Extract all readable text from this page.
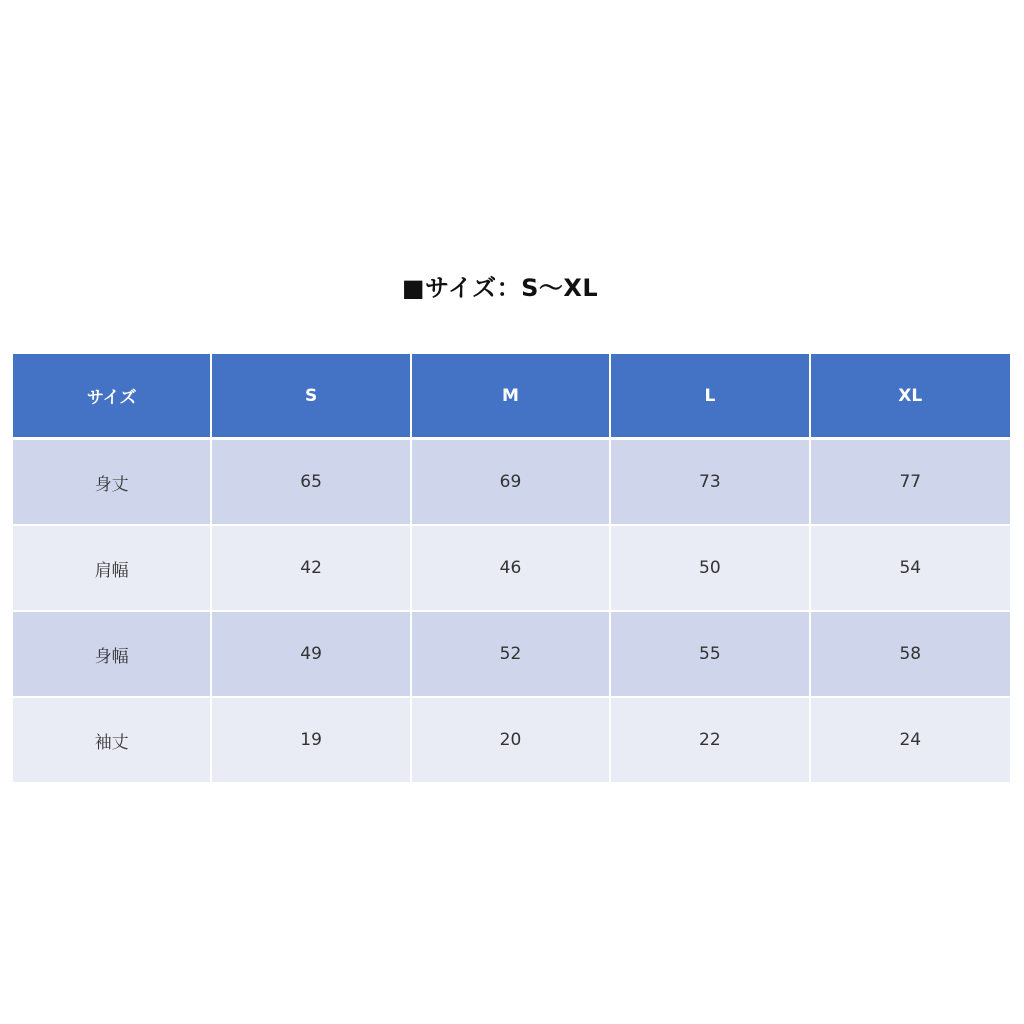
■サイズ：S〜XL
サイズ	S	M	L	XL
身丈	65	69	73	77
肩幅	42	46	50	54
身幅	49	52	55	58
袖丈	19	20	22	24
